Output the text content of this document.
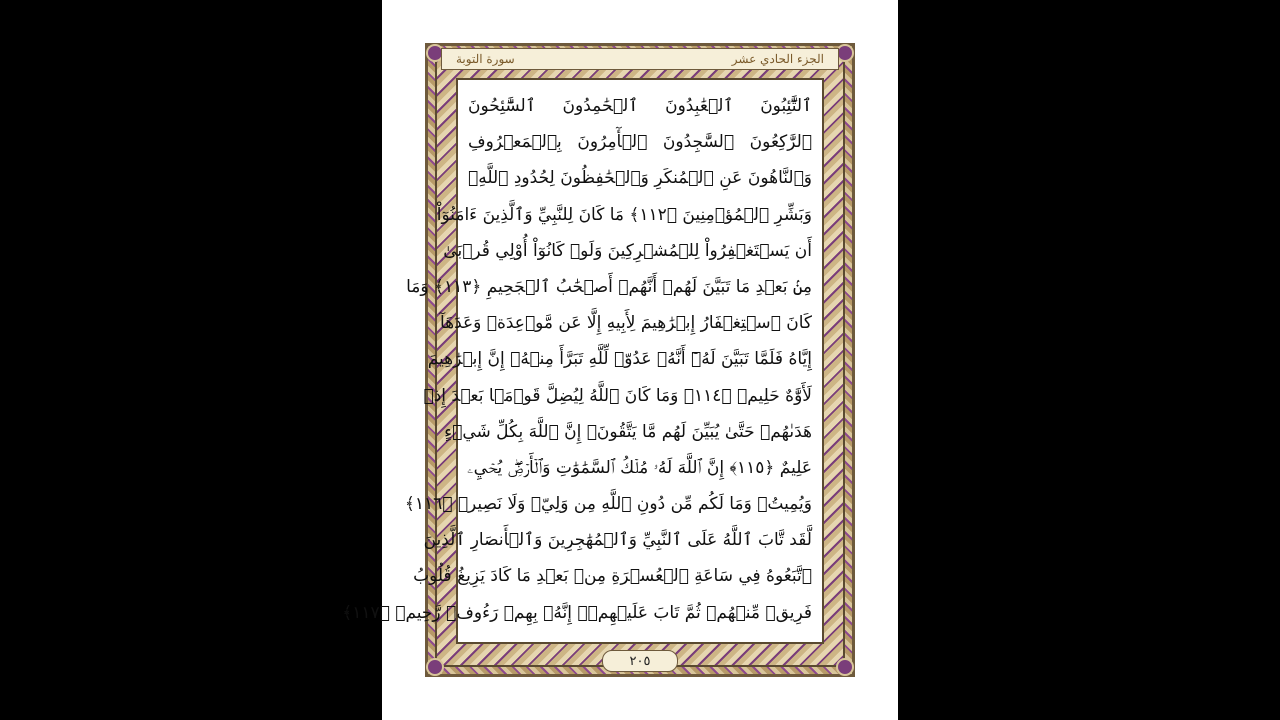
الجزء الحادي عشر
سورة التوبة
ٱلتَّٰٓئِبُونَ ٱلۡعَٰبِدُونَ ٱلۡحَٰمِدُونَ ٱلسَّٰٓئِحُونَ
ٱلرَّٰكِعُونَ ٱلسَّٰجِدُونَ ٱلۡأٓمِرُونَ بِٱلۡمَعۡرُوفِ
وَٱلنَّاهُونَ عَنِ ٱلۡمُنكَرِ وَٱلۡحَٰفِظُونَ لِحُدُودِ ٱللَّهِۗ
وَبَشِّرِ ٱلۡمُؤۡمِنِينَ ﴿١١٢﴾ مَا كَانَ لِلنَّبِيِّ وَٱلَّذِينَ ءَامَنُوٓاْ
أَن يَسۡتَغۡفِرُواْ لِلۡمُشۡرِكِينَ وَلَوۡ كَانُوٓاْ أُوْلِي قُرۡبَىٰ
مِنۢ بَعۡدِ مَا تَبَيَّنَ لَهُمۡ أَنَّهُمۡ أَصۡحَٰبُ ٱلۡجَحِيمِ ﴿١١٣﴾ وَمَا
كَانَ ٱسۡتِغۡفَارُ إِبۡرَٰهِيمَ لِأَبِيهِ إِلَّا عَن مَّوۡعِدَةٖ وَعَدَهَآ
إِيَّاهُ فَلَمَّا تَبَيَّنَ لَهُۥٓ أَنَّهُۥ عَدُوّٞ لِّلَّهِ تَبَرَّأَ مِنۡهُۚ إِنَّ إِبۡرَٰهِيمَ
لَأَوَّٰهٌ حَلِيمٞ ﴿١١٤﴾ وَمَا كَانَ ٱللَّهُ لِيُضِلَّ قَوۡمَۢا بَعۡدَ إِذۡ
هَدَىٰهُمۡ حَتَّىٰ يُبَيِّنَ لَهُم مَّا يَتَّقُونَۚ إِنَّ ٱللَّهَ بِكُلِّ شَيۡءٍ
عَلِيمٌ ﴿١١٥﴾ إِنَّ ٱللَّهَ لَهُۥ مُلۡكُ ٱلسَّمَٰوَٰتِ وَٱلۡأَرۡضِۖ يُحۡيِۦ
وَيُمِيتُۚ وَمَا لَكُم مِّن دُونِ ٱللَّهِ مِن وَلِيّٖ وَلَا نَصِيرٖ ﴿١١٦﴾
لَّقَد تَّابَ ٱللَّهُ عَلَى ٱلنَّبِيِّ وَٱلۡمُهَٰجِرِينَ وَٱلۡأَنصَارِ ٱلَّذِينَ
ٱتَّبَعُوهُ فِي سَاعَةِ ٱلۡعُسۡرَةِ مِنۢ بَعۡدِ مَا كَادَ يَزِيغُ قُلُوبُ
فَرِيقٖ مِّنۡهُمۡ ثُمَّ تَابَ عَلَيۡهِمۡۚ إِنَّهُۥ بِهِمۡ رَءُوفٞ رَّحِيمٞ ﴿١١٧﴾
٢٠٥
